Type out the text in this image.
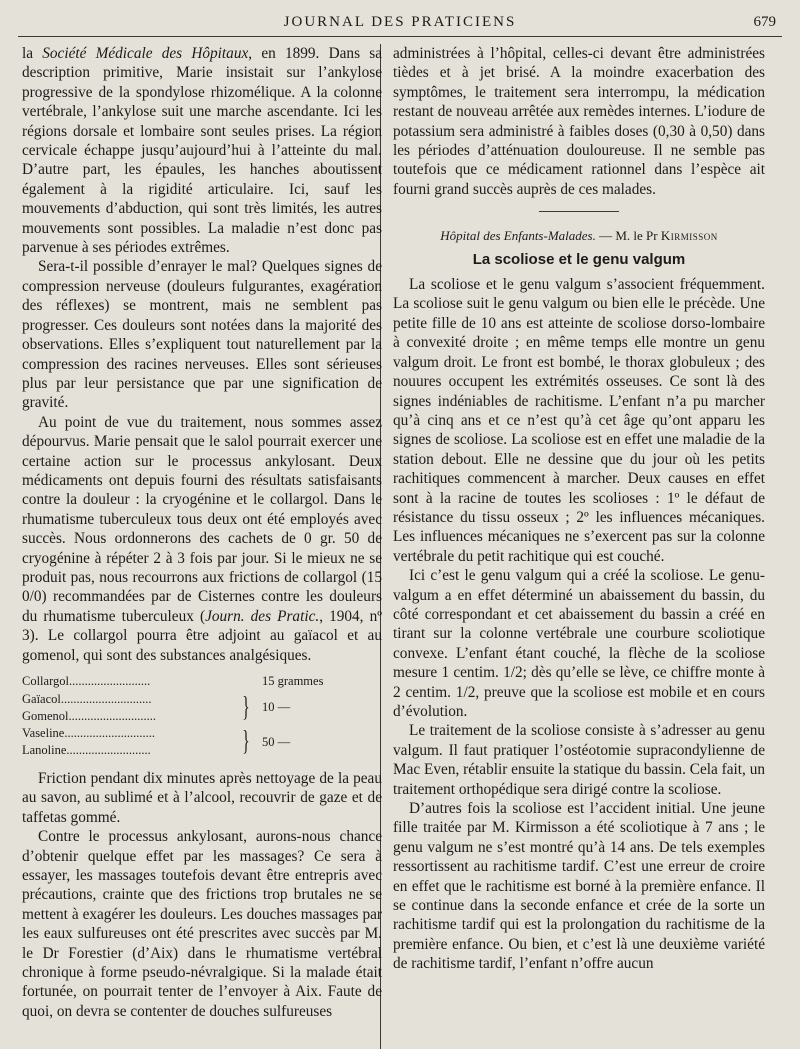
JOURNAL DES PRATICIENS	679

la Société Médicale des Hôpitaux, en 1899. Dans sa description primitive, Marie insistait sur l’ankylose progressive de la spondylose rhizomélique. A la colonne vertébrale, l’ankylose suit une marche ascendante. Ici les régions dorsale et lombaire sont seules prises. La région cervicale échappe jusqu’aujourd’hui à l’atteinte du mal. D’autre part, les épaules, les hanches aboutissent également à la rigidité articulaire. Ici, sauf les mouvements d’abduction, qui sont très limités, les autres mouvements sont possibles. La maladie n’est donc pas parvenue à ses périodes extrêmes.

Sera-t-il possible d’enrayer le mal? Quelques signes de compression nerveuse (douleurs fulgurantes, exagération des réflexes) se montrent, mais ne semblent pas progresser. Ces douleurs sont notées dans la majorité des observations. Elles s’expliquent tout naturellement par la compression des racines nerveuses. Elles sont sérieuses plus par leur persistance que par une signification de gravité.

Au point de vue du traitement, nous sommes assez dépourvus. Marie pensait que le salol pourrait exercer une certaine action sur le processus ankylosant. Deux médicaments ont depuis fourni des résultats satisfaisants contre la douleur : la cryogénine et le collargol. Dans le rhumatisme tuberculeux tous deux ont été employés avec succès. Nous ordonnerons des cachets de 0 gr. 50 de cryogénine à répéter 2 à 3 fois par jour. Si le mieux ne se produit pas, nous recourrons aux frictions de collargol (15 0/0) recommandées par de Cisternes contre les douleurs du rhumatisme tuberculeux (Journ. des Pratic., 1904, nº 3). Le collargol pourra être adjoint au gaïacol et au gomenol, qui sont des substances analgésiques.

Collargol..........................	15 grammes
Gaïacol.............................
Gomenol............................	} 10 —
Vaseline.............................
Lanoline...........................	} 50 —

Friction pendant dix minutes après nettoyage de la peau au savon, au sublimé et à l’alcool, recouvrir de gaze et de taffetas gommé.

Contre le processus ankylosant, aurons-nous chance d’obtenir quelque effet par les massages? Ce sera à essayer, les massages toutefois devant être entrepris avec précautions, crainte que des frictions trop brutales ne se mettent à exagérer les douleurs. Les douches massages par les eaux sulfureuses ont été prescrites avec succès par M. le Dr Forestier (d’Aix) dans le rhumatisme vertébral chronique à forme pseudo-névralgique. Si la malade était fortunée, on pourrait tenter de l’envoyer à Aix. Faute de quoi, on devra se contenter de douches sulfureuses

administrées à l’hôpital, celles-ci devant être administrées tièdes et à jet brisé. A la moindre exacerbation des symptômes, le traitement sera interrompu, la médication restant de nouveau arrêtée aux remèdes internes. L’iodure de potassium sera administré à faibles doses (0,30 à 0,50) dans les périodes d’atténuation douloureuse. Il ne semble pas toutefois que ce médicament rationnel dans l’espèce ait fourni grand succès auprès de ces malades.

Hôpital des Enfants-Malades. — M. le Pr Kirmisson

La scoliose et le genu valgum

La scoliose et le genu valgum s’associent fréquemment. La scoliose suit le genu valgum ou bien elle le précède. Une petite fille de 10 ans est atteinte de scoliose dorso-lombaire à convexité droite ; en même temps elle montre un genu valgum droit. Le front est bombé, le thorax globuleux ; des nouures occupent les extrémités osseuses. Ce sont là des signes indéniables de rachitisme. L’enfant n’a pu marcher qu’à cinq ans et ce n’est qu’à cet âge qu’ont apparu les signes de scoliose. La scoliose est en effet une maladie de la station debout. Elle ne dessine que du jour où les petits rachitiques commencent à marcher. Deux causes en effet sont à la racine de toutes les scolioses : 1º le défaut de résistance du tissu osseux ; 2º les influences mécaniques. Les influences mécaniques ne s’exercent pas sur la colonne vertébrale du petit rachitique qui est couché.

Ici c’est le genu valgum qui a créé la scoliose. Le genu-valgum a en effet déterminé un abaissement du bassin, du côté correspondant et cet abaissement du bassin a créé en tirant sur la colonne vertébrale une courbure scoliotique convexe. L’enfant étant couché, la flèche de la scoliose mesure 1 centim. 1/2; dès qu’elle se lève, ce chiffre monte à 2 centim. 1/2, preuve que la scoliose est mobile et en cours d’évolution.

Le traitement de la scoliose consiste à s’adresser au genu valgum. Il faut pratiquer l’ostéotomie supracondylienne de Mac Even, rétablir ensuite la statique du bassin. Cela fait, un traitement orthopédique sera dirigé contre la scoliose.

D’autres fois la scoliose est l’accident initial. Une jeune fille traitée par M. Kirmisson a été scoliotique à 7 ans ; le genu valgum ne s’est montré qu’à 14 ans. De tels exemples ressortissent au rachitisme tardif. C’est une erreur de croire en effet que le rachitisme est borné à la première enfance. Il se continue dans la seconde enfance et crée de la sorte un rachitisme tardif qui est la prolongation du rachitisme de la première enfance. Ou bien, et c’est là une deuxième variété de rachitisme tardif, l’enfant n’offre aucun
